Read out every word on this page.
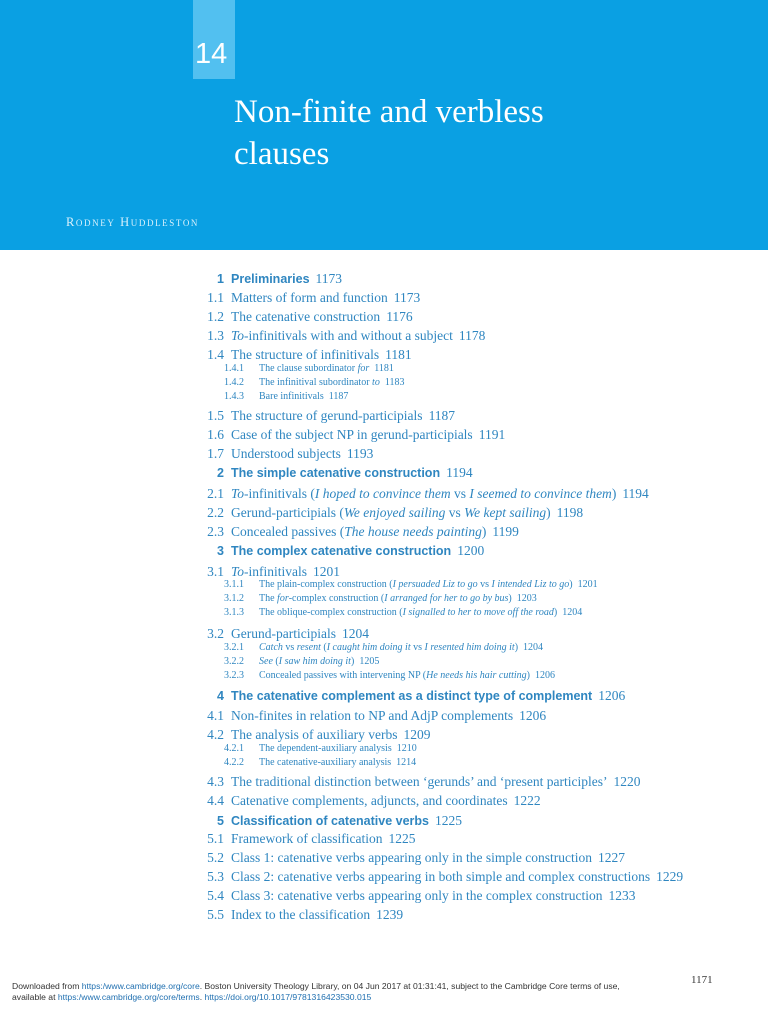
14
Non-finite and verbless
clauses
Rodney Huddleston
1 Preliminaries 1173
1.1 Matters of form and function 1173
1.2 The catenative construction 1176
1.3 To-infinitivals with and without a subject 1178
1.4 The structure of infinitivals 1181
1.4.1	The clause subordinator for 1181
1.4.2	The infinitival subordinator to 1183
1.4.3	Bare infinitivals 1187
1.5 The structure of gerund-participials 1187
1.6 Case of the subject NP in gerund-participials 1191
1.7 Understood subjects 1193
2 The simple catenative construction 1194
2.1 To-infinitivals (I hoped to convince them vs I seemed to convince them) 1194
2.2 Gerund-participials (We enjoyed sailing vs We kept sailing) 1198
2.3 Concealed passives (The house needs painting) 1199
3 The complex catenative construction 1200
3.1 To-infinitivals 1201
3.1.1	The plain-complex construction (I persuaded Liz to go vs I intended Liz to go) 1201
3.1.2	The for-complex construction (I arranged for her to go by bus) 1203
3.1.3	The oblique-complex construction (I signalled to her to move off the road) 1204
3.2 Gerund-participials 1204
3.2.1	Catch vs resent (I caught him doing it vs I resented him doing it) 1204
3.2.2	See (I saw him doing it) 1205
3.2.3	Concealed passives with intervening NP (He needs his hair cutting) 1206
4 The catenative complement as a distinct type of complement 1206
4.1 Non-finites in relation to NP and AdjP complements 1206
4.2 The analysis of auxiliary verbs 1209
4.2.1	The dependent-auxiliary analysis 1210
4.2.2	The catenative-auxiliary analysis 1214
4.3 The traditional distinction between ‘gerunds’ and ‘present participles’ 1220
4.4 Catenative complements, adjuncts, and coordinates 1222
5 Classification of catenative verbs 1225
5.1 Framework of classification 1225
5.2 Class 1: catenative verbs appearing only in the simple construction 1227
5.3 Class 2: catenative verbs appearing in both simple and complex constructions 1229
5.4 Class 3: catenative verbs appearing only in the complex construction 1233
5.5 Index to the classification 1239
1171
Downloaded from https:/www.cambridge.org/core. Boston University Theology Library, on 04 Jun 2017 at 01:31:41, subject to the Cambridge Core terms of use,
available at https:/www.cambridge.org/core/terms. https://doi.org/10.1017/9781316423530.015
